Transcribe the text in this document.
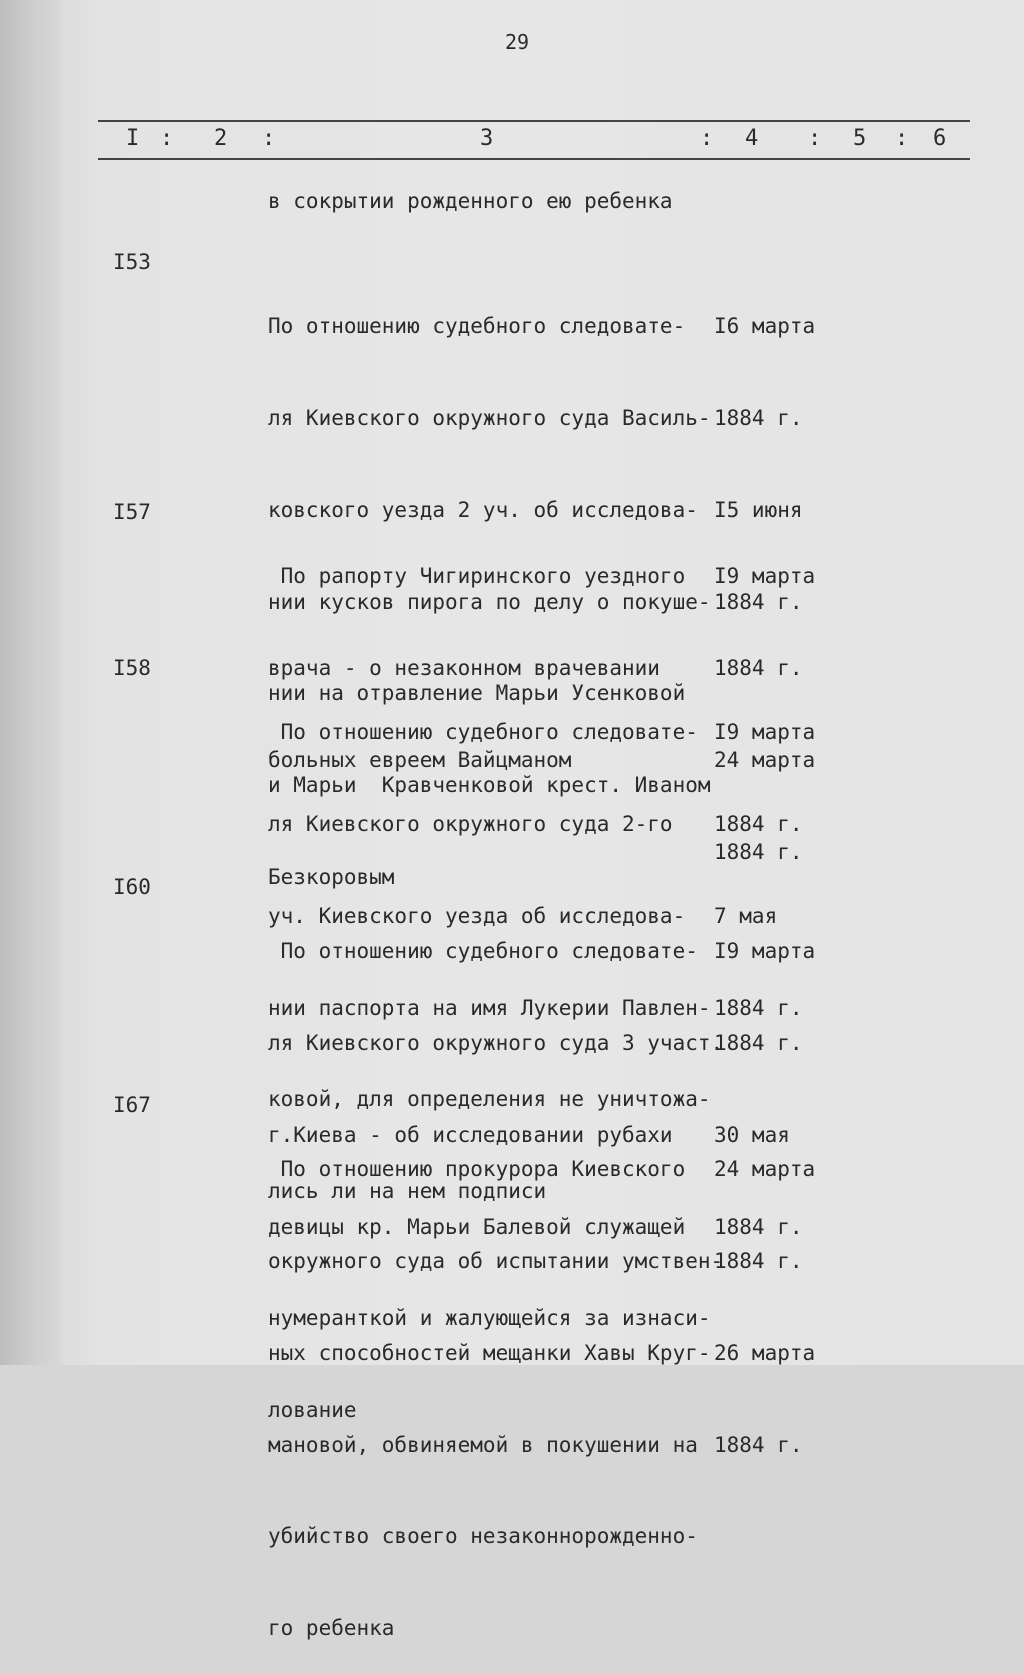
29
I : 2 :	3	: 4 : 5 : 6
в сокрытии рожденного ею ребенка
I53

По отношению судебного следовате-

ля Киевского окружного суда Василь-

ковского уезда 2 уч. об исследова-

нии кусков пирога по делу о покуше-

нии на отравление Марьи Усенковой

и Марьи  Кравченковой крест. Иваном

Безкоровым

I6 марта

1884 г.

I5 июня

1884 г.

I57

По рапорту Чигиринского уездного

врача - о незаконном врачевании

больных евреем Вайцманом

I9 марта

1884 г.

24 марта

1884 г.

I58

По отношению судебного следовате-

ля Киевского окружного суда 2-го

уч. Киевского уезда об исследова-

нии паспорта на имя Лукерии Павлен-

ковой, для определения не уничтожа-

лись ли на нем подписи

I9 марта

1884 г.

7 мая

1884 г.

I60

По отношению судебного следовате-

ля Киевского окружного суда 3 участ.

г.Киева - об исследовании рубахи

девицы кр. Марьи Балевой служащей

нумеранткой и жалующейся за изнаси-

лование

I9 марта

1884 г.

30 мая

1884 г.

I67

По отношению прокурора Киевского

окружного суда об испытании умствен-

ных способностей мещанки Хавы Круг-

мановой, обвиняемой в покушении на

убийство своего незаконнорожденно-

го ребенка

24 марта

1884 г.

26 марта

1884 г.
